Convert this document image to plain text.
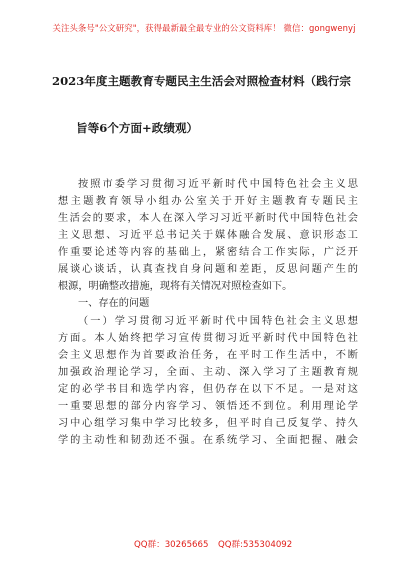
关注头条号"公文研究"，获得最新最全最专业的公文资料库！ 微信：gongwenyj
2023年度主题教育专题民主生活会对照检查材料（践行宗
旨等6个方面+政绩观）
按照市委学习贯彻习近平新时代中国特色社会主义思
想主题教育领导小组办公室关于开好主题教育专题民主
生活会的要求，本人在深入学习习近平新时代中国特色社会
主义思想、习近平总书记关于媒体融合发展、意识形态工
作重要论述等内容的基础上，紧密结合工作实际，广泛开
展谈心谈话，认真查找自身问题和差距，反思问题产生的
根源，明确整改措施，现将有关情况对照检查如下。
一、存在的问题
（一）学习贯彻习近平新时代中国特色社会主义思想
方面。本人始终把学习宣传贯彻习近平新时代中国特色社
会主义思想作为首要政治任务，在平时工作生活中，不断
加强政治理论学习，全面、主动、深入学习了主题教育规
定的必学书目和选学内容，但仍存在以下不足。一是对这
一重要思想的部分内容学习、领悟还不到位。利用理论学
习中心组学习集中学习比较多，但平时自己反复学、持久
学的主动性和韧劲还不强。在系统学习、全面把握、融会
QQ群：30265665 QQ群:535304092
